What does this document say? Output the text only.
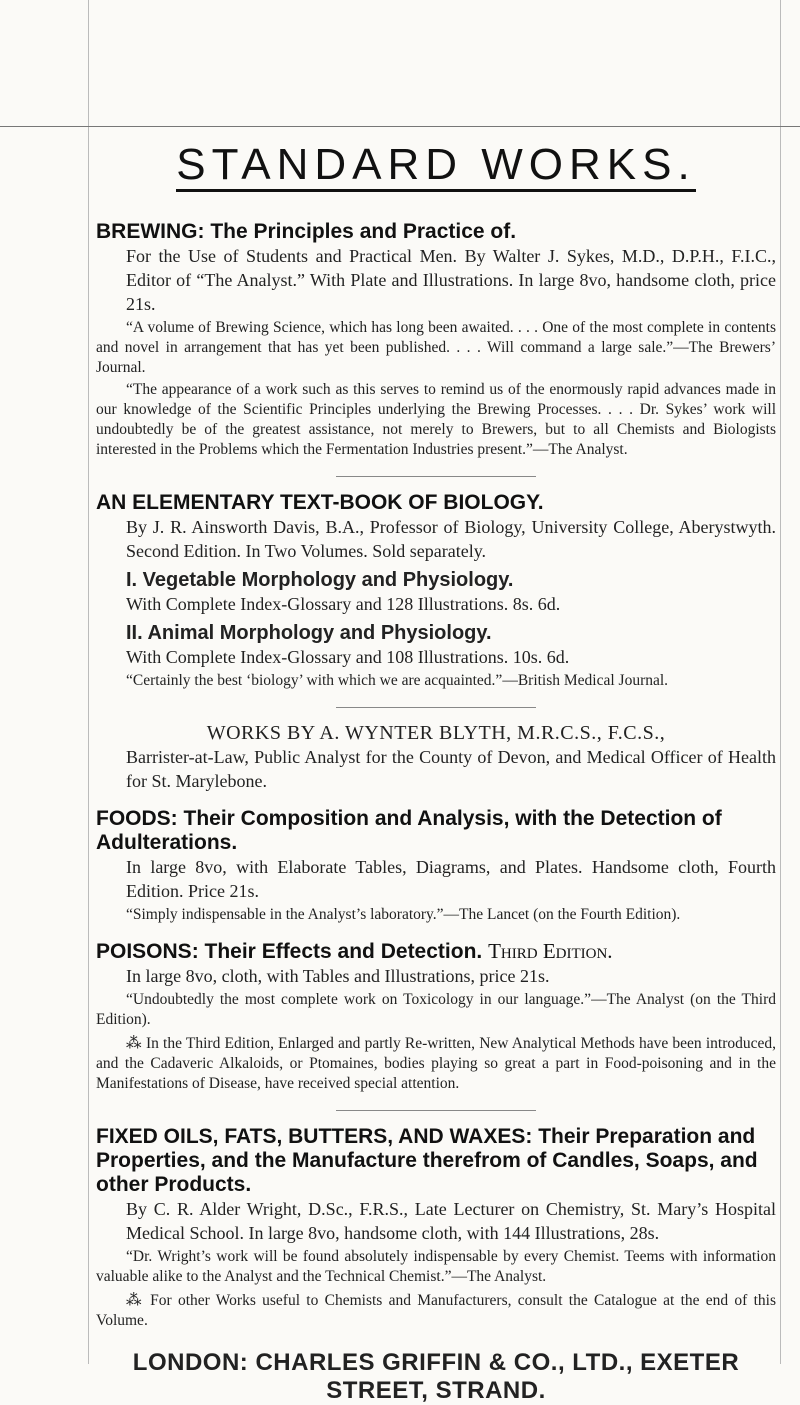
STANDARD WORKS.
BREWING: The Principles and Practice of.
For the Use of Students and Practical Men. By Walter J. Sykes, M.D., D.P.H., F.I.C., Editor of “The Analyst.” With Plate and Illustrations. In large 8vo, handsome cloth, price 21s.
“A volume of Brewing Science, which has long been awaited. . . . One of the most complete in contents and novel in arrangement that has yet been published. . . . Will command a large sale.”—The Brewers’ Journal.
“The appearance of a work such as this serves to remind us of the enormously rapid advances made in our knowledge of the Scientific Principles underlying the Brewing Processes. . . . Dr. Sykes’ work will undoubtedly be of the greatest assistance, not merely to Brewers, but to all Chemists and Biologists interested in the Problems which the Fermentation Industries present.”—The Analyst.
AN ELEMENTARY TEXT-BOOK OF BIOLOGY.
By J. R. Ainsworth Davis, B.A., Professor of Biology, University College, Aberystwyth. Second Edition. In Two Volumes. Sold separately.
I. Vegetable Morphology and Physiology.
With Complete Index-Glossary and 128 Illustrations. 8s. 6d.
II. Animal Morphology and Physiology.
With Complete Index-Glossary and 108 Illustrations. 10s. 6d.
“Certainly the best ‘biology’ with which we are acquainted.”—British Medical Journal.
WORKS BY A. WYNTER BLYTH, M.R.C.S., F.C.S.,
Barrister-at-Law, Public Analyst for the County of Devon, and Medical Officer of Health for St. Marylebone.
FOODS: Their Composition and Analysis, with the Detection of Adulterations.
In large 8vo, with Elaborate Tables, Diagrams, and Plates. Handsome cloth, Fourth Edition. Price 21s.
“Simply indispensable in the Analyst’s laboratory.”—The Lancet (on the Fourth Edition).
POISONS: Their Effects and Detection. Third Edition.
In large 8vo, cloth, with Tables and Illustrations, price 21s.
“Undoubtedly the most complete work on Toxicology in our language.”—The Analyst (on the Third Edition).
⁂ In the Third Edition, Enlarged and partly Re-written, New Analytical Methods have been introduced, and the Cadaveric Alkaloids, or Ptomaines, bodies playing so great a part in Food-poisoning and in the Manifestations of Disease, have received special attention.
FIXED OILS, FATS, BUTTERS, AND WAXES: Their Preparation and Properties, and the Manufacture therefrom of Candles, Soaps, and other Products.
By C. R. Alder Wright, D.Sc., F.R.S., Late Lecturer on Chemistry, St. Mary’s Hospital Medical School. In large 8vo, handsome cloth, with 144 Illustrations, 28s.
“Dr. Wright’s work will be found absolutely indispensable by every Chemist. Teems with information valuable alike to the Analyst and the Technical Chemist.”—The Analyst.
⁂ For other Works useful to Chemists and Manufacturers, consult the Catalogue at the end of this Volume.
LONDON: CHARLES GRIFFIN & CO., LTD., EXETER STREET, STRAND.
